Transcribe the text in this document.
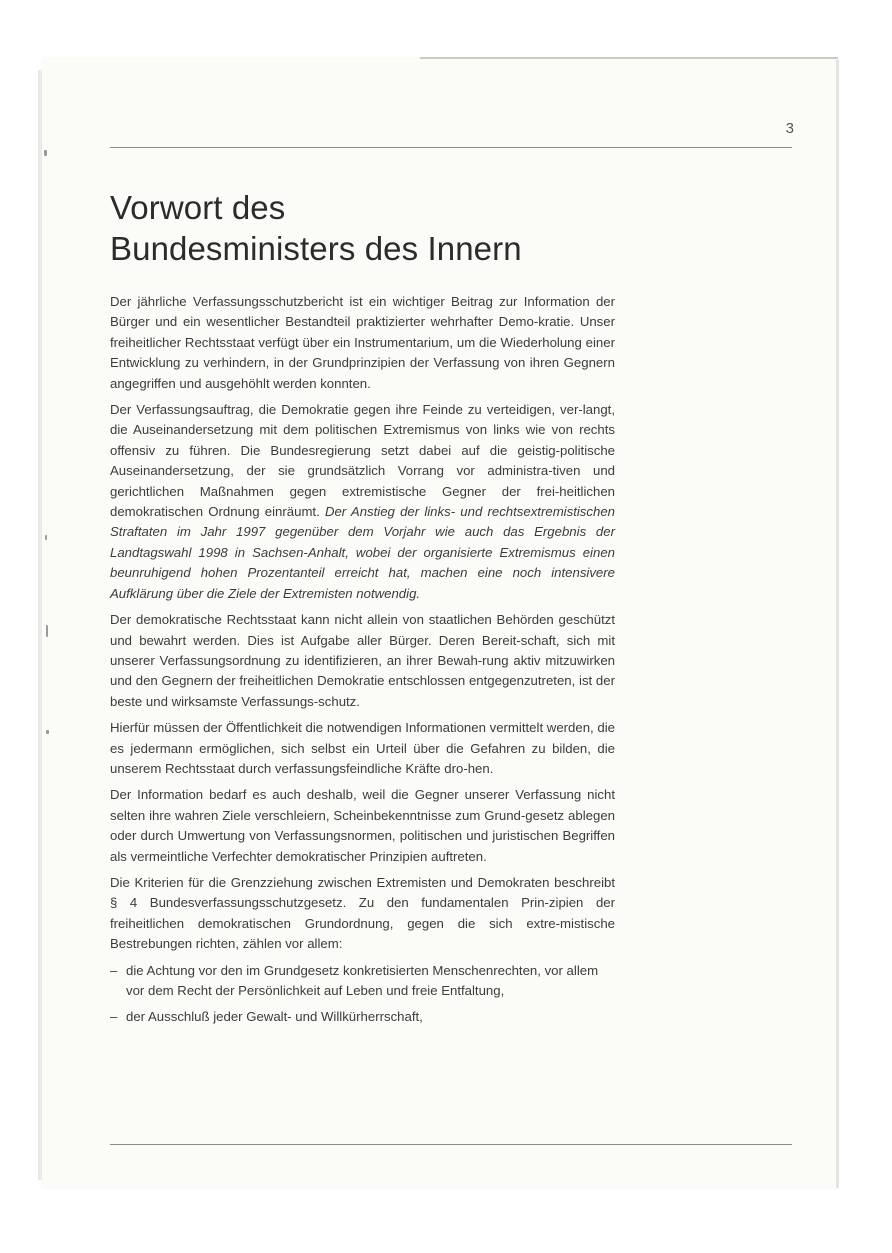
3
Vorwort des
Bundesministers des Innern

Der jährliche Verfassungsschutzbericht ist ein wichtiger Beitrag zur Information der Bürger und ein wesentlicher Bestandteil praktizierter wehrhafter Demo-kratie. Unser freiheitlicher Rechtsstaat verfügt über ein Instrumentarium, um die Wiederholung einer Entwicklung zu verhindern, in der Grundprinzipien der Verfassung von ihren Gegnern angegriffen und ausgehöhlt werden konnten.

Der Verfassungsauftrag, die Demokratie gegen ihre Feinde zu verteidigen, ver-langt, die Auseinandersetzung mit dem politischen Extremismus von links wie von rechts offensiv zu führen. Die Bundesregierung setzt dabei auf die geistig-politische Auseinandersetzung, der sie grundsätzlich Vorrang vor administra-tiven und gerichtlichen Maßnahmen gegen extremistische Gegner der frei-heitlichen demokratischen Ordnung einräumt. Der Anstieg der links- und rechtsextremistischen Straftaten im Jahr 1997 gegenüber dem Vorjahr wie auch das Ergebnis der Landtagswahl 1998 in Sachsen-Anhalt, wobei der organisierte Extremismus einen beunruhigend hohen Prozentanteil erreicht hat, machen eine noch intensivere Aufklärung über die Ziele der Extremisten notwendig.

Der demokratische Rechtsstaat kann nicht allein von staatlichen Behörden geschützt und bewahrt werden. Dies ist Aufgabe aller Bürger. Deren Bereit-schaft, sich mit unserer Verfassungsordnung zu identifizieren, an ihrer Bewah-rung aktiv mitzuwirken und den Gegnern der freiheitlichen Demokratie entschlossen entgegenzutreten, ist der beste und wirksamste Verfassungs-schutz.

Hierfür müssen der Öffentlichkeit die notwendigen Informationen vermittelt werden, die es jedermann ermöglichen, sich selbst ein Urteil über die Gefahren zu bilden, die unserem Rechtsstaat durch verfassungsfeindliche Kräfte dro-hen.

Der Information bedarf es auch deshalb, weil die Gegner unserer Verfassung nicht selten ihre wahren Ziele verschleiern, Scheinbekenntnisse zum Grund-gesetz ablegen oder durch Umwertung von Verfassungsnormen, politischen und juristischen Begriffen als vermeintliche Verfechter demokratischer Prinzipien auftreten.

Die Kriterien für die Grenzziehung zwischen Extremisten und Demokraten beschreibt § 4 Bundesverfassungsschutzgesetz. Zu den fundamentalen Prin-zipien der freiheitlichen demokratischen Grundordnung, gegen die sich extre-mistische Bestrebungen richten, zählen vor allem:

– die Achtung vor den im Grundgesetz konkretisierten Menschenrechten, vor allem vor dem Recht der Persönlichkeit auf Leben und freie Entfaltung,
– der Ausschluß jeder Gewalt- und Willkürherrschaft,
